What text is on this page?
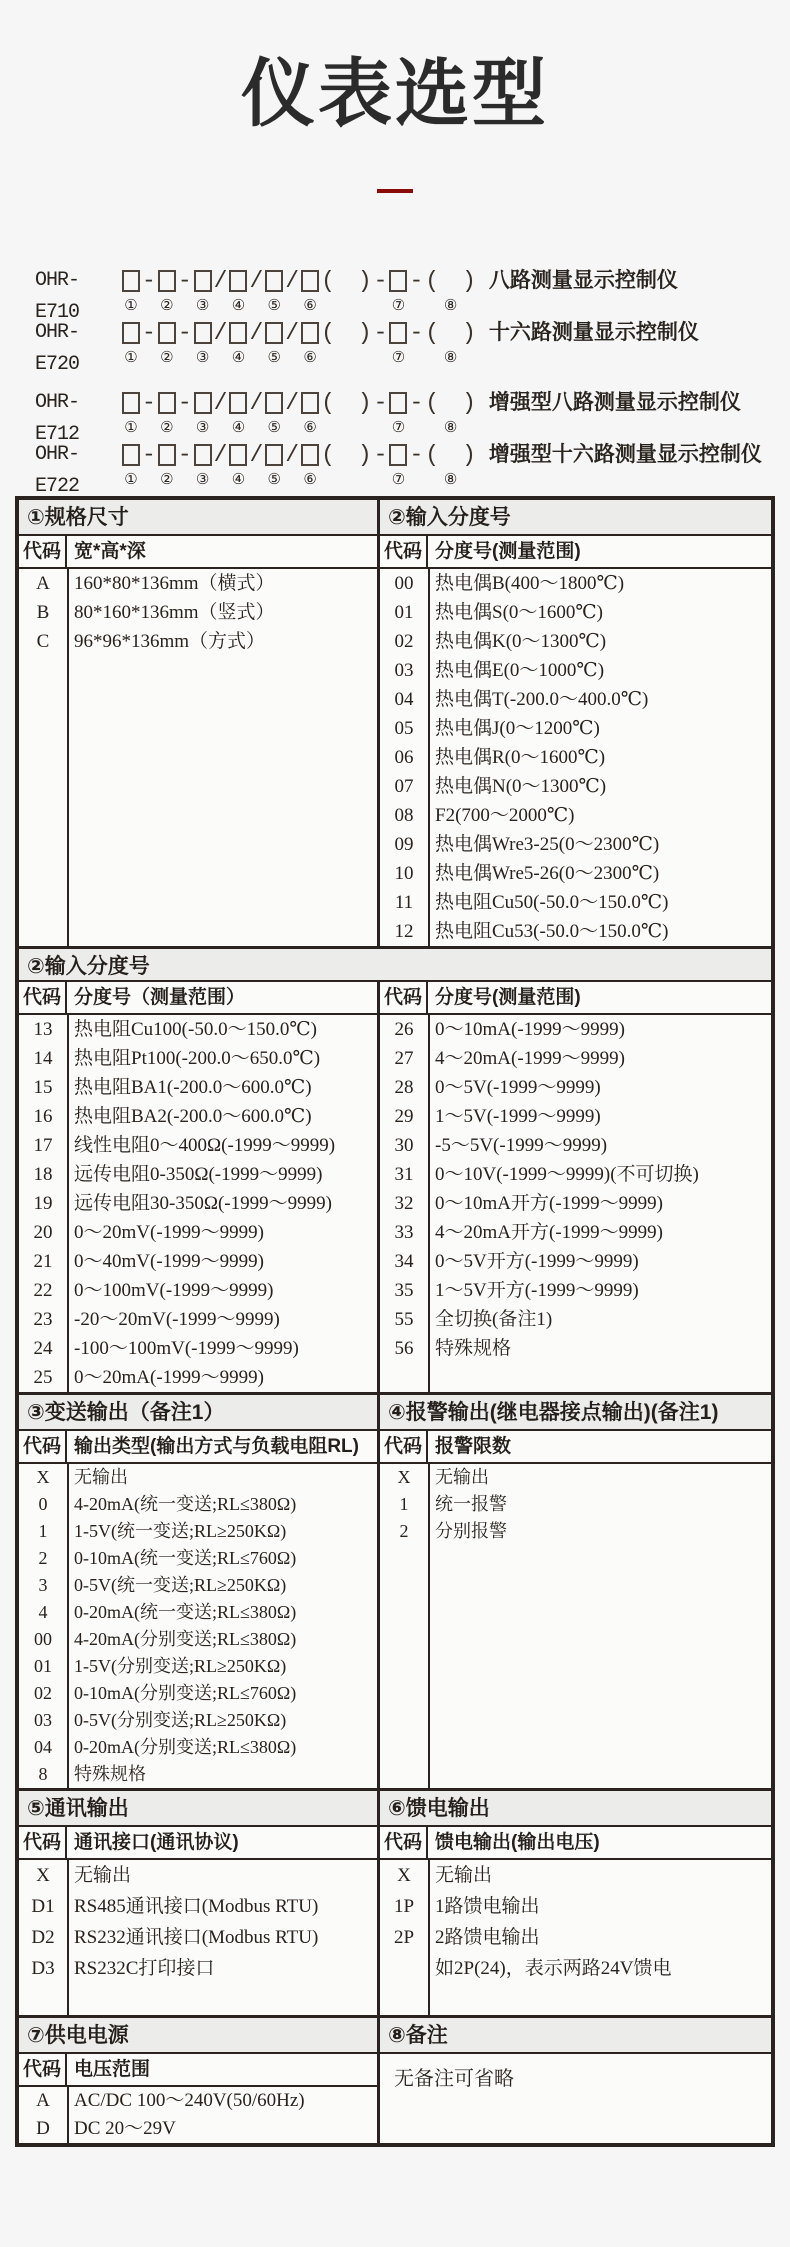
仪表选型
OHR-E710	①
-

②
-

③
/

④
/

⑤
/

⑥
(　)
-

⑦
-
(　)
⑧
八路测量显示控制仪
OHR-E720	①
-

②
-

③
/

④
/

⑤
/

⑥
(　)
-

⑦
-
(　)
⑧
十六路测量显示控制仪
OHR-E712	①
-

②
-

③
/

④
/

⑤
/

⑥
(　)
-

⑦
-
(　)
⑧
增强型八路测量显示控制仪
OHR-E722	①
-

②
-

③
/

④
/

⑤
/

⑥
(　)
-

⑦
-
(　)
⑧
增强型十六路测量显示控制仪
①规格尺寸
代码 宽*高*深
A	160*80*136mm（横式）
B	80*160*136mm（竖式）
C	96*96*136mm（方式）
②输入分度号
代码 分度号(测量范围)
00	热电偶B(400～1800℃)
01	热电偶S(0～1600℃)
02	热电偶K(0～1300℃)
03	热电偶E(0～1000℃)
04	热电偶T(-200.0～400.0℃)
05	热电偶J(0～1200℃)
06	热电偶R(0～1600℃)
07	热电偶N(0～1300℃)
08	F2(700～2000℃)
09	热电偶Wre3-25(0～2300℃)
10	热电偶Wre5-26(0～2300℃)
11	热电阻Cu50(-50.0～150.0℃)
12	热电阻Cu53(-50.0～150.0℃)
②输入分度号
代码 分度号（测量范围）
13	热电阻Cu100(-50.0～150.0℃)
14	热电阻Pt100(-200.0～650.0℃)
15	热电阻BA1(-200.0～600.0℃)
16	热电阻BA2(-200.0～600.0℃)
17	线性电阻0～400Ω(-1999～9999)
18	远传电阻0-350Ω(-1999～9999)
19	远传电阻30-350Ω(-1999～9999)
20	0～20mV(-1999～9999)
21	0～40mV(-1999～9999)
22	0～100mV(-1999～9999)
23	-20～20mV(-1999～9999)
24	-100～100mV(-1999～9999)
25	0～20mA(-1999～9999)
代码 分度号(测量范围)
26	0～10mA(-1999～9999)
27	4～20mA(-1999～9999)
28	0～5V(-1999～9999)
29	1～5V(-1999～9999)
30	-5～5V(-1999～9999)
31	0～10V(-1999～9999)(不可切换)
32	0～10mA开方(-1999～9999)
33	4～20mA开方(-1999～9999)
34	0～5V开方(-1999～9999)
35	1～5V开方(-1999～9999)
55	全切换(备注1)
56	特殊规格
③变送输出（备注1）
代码 输出类型(输出方式与负载电阻RL)
X	无输出
0	4-20mA(统一变送;RL≤380Ω)
1	1-5V(统一变送;RL≥250KΩ)
2	0-10mA(统一变送;RL≤760Ω)
3	0-5V(统一变送;RL≥250KΩ)
4	0-20mA(统一变送;RL≤380Ω)
00	4-20mA(分别变送;RL≤380Ω)
01	1-5V(分别变送;RL≥250KΩ)
02	0-10mA(分别变送;RL≤760Ω)
03	0-5V(分别变送;RL≥250KΩ)
04	0-20mA(分别变送;RL≤380Ω)
8	特殊规格
④报警输出(继电器接点输出)(备注1)
代码 报警限数
X	无输出
1	统一报警
2	分别报警
⑤通讯输出
代码 通讯接口(通讯协议)
X	无输出
D1	RS485通讯接口(Modbus RTU)
D2	RS232通讯接口(Modbus RTU)
D3	RS232C打印接口
⑥馈电输出
代码 馈电输出(输出电压)
X	无输出
1P	1路馈电输出
2P	2路馈电输出
如2P(24)，表示两路24V馈电
⑦供电电源
代码 电压范围
A	AC/DC 100～240V(50/60Hz)
D	DC 20～29V
⑧备注
无备注可省略
